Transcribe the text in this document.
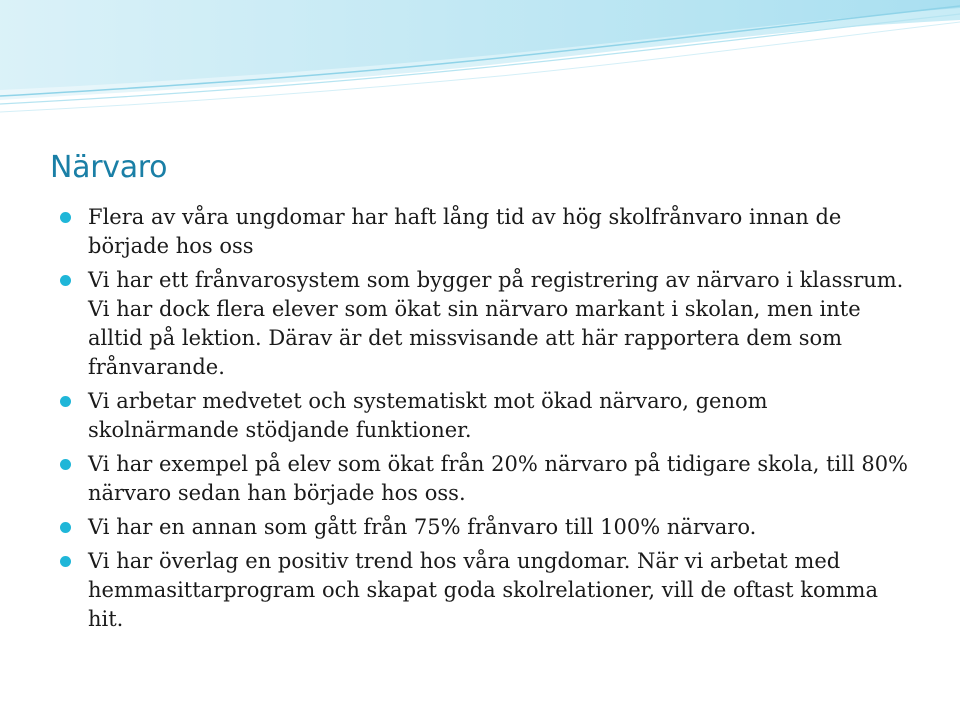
Närvaro
Flera av våra ungdomar har haft lång tid av hög skolfrånvaro innan de började hos oss
Vi har ett frånvarosystem som bygger på registrering av närvaro i klassrum. Vi har dock flera elever som ökat sin närvaro markant i skolan, men inte alltid på lektion. Därav är det missvisande att här rapportera dem som frånvarande.
Vi arbetar medvetet och systematiskt mot ökad närvaro, genom skolnärmande stödjande funktioner.
Vi har exempel på elev som ökat från 20% närvaro på tidigare skola, till 80% närvaro sedan han började hos oss.
Vi har en annan som gått från 75% frånvaro till 100% närvaro.
Vi har överlag en positiv trend hos våra ungdomar. När vi arbetat med hemmasittarprogram och skapat goda skolrelationer, vill de oftast komma hit.
